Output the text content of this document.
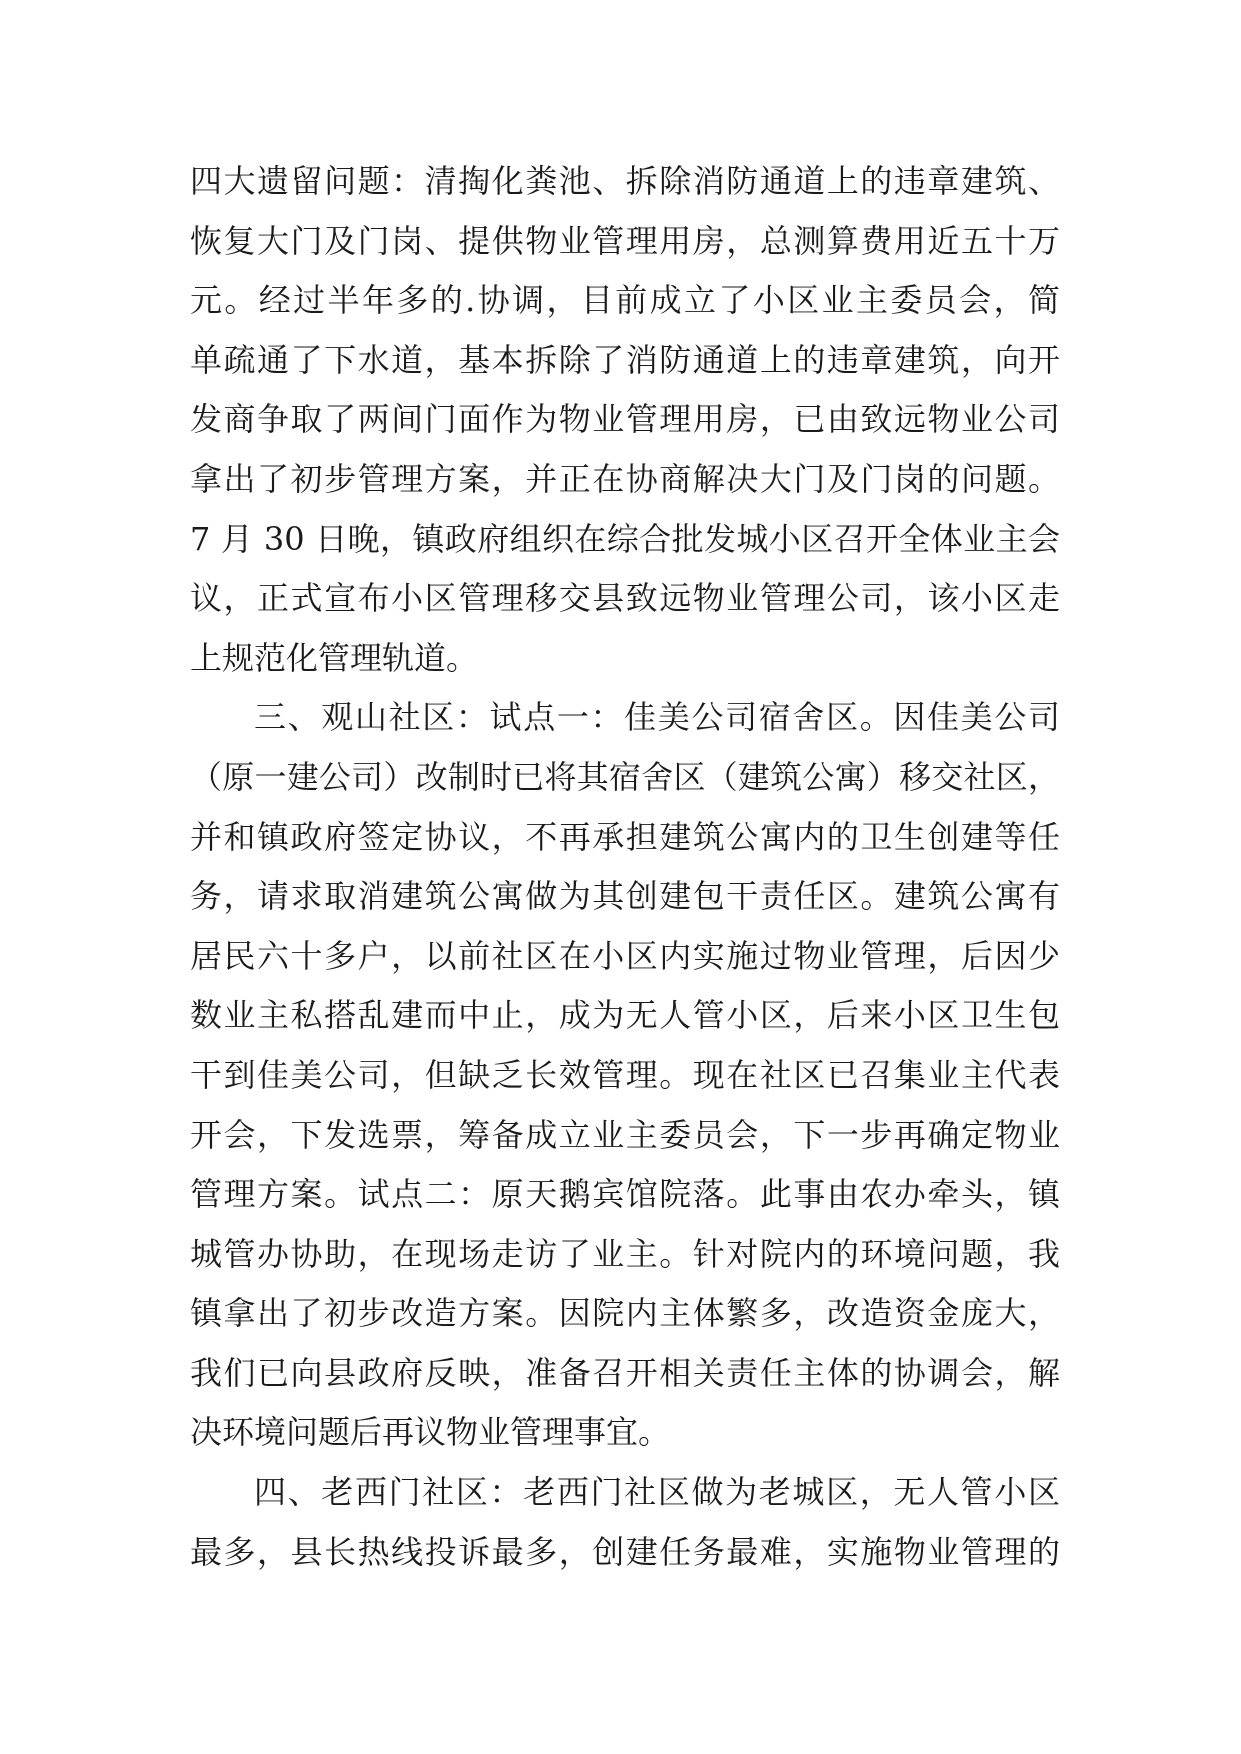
四大遗留问题：清掏化粪池、拆除消防通道上的违章建筑、
恢复大门及门岗、提供物业管理用房，总测算费用近五十万
元。经过半年多的.协调，目前成立了小区业主委员会，简
单疏通了下水道，基本拆除了消防通道上的违章建筑，向开
发商争取了两间门面作为物业管理用房，已由致远物业公司
拿出了初步管理方案，并正在协商解决大门及门岗的问题。
7 月 30 日晚，镇政府组织在综合批发城小区召开全体业主会
议，正式宣布小区管理移交县致远物业管理公司，该小区走
上规范化管理轨道。
三、观山社区：试点一：佳美公司宿舍区。因佳美公司
（原一建公司）改制时已将其宿舍区（建筑公寓）移交社区，
并和镇政府签定协议，不再承担建筑公寓内的卫生创建等任
务，请求取消建筑公寓做为其创建包干责任区。建筑公寓有
居民六十多户，以前社区在小区内实施过物业管理，后因少
数业主私搭乱建而中止，成为无人管小区，后来小区卫生包
干到佳美公司，但缺乏长效管理。现在社区已召集业主代表
开会，下发选票，筹备成立业主委员会，下一步再确定物业
管理方案。试点二：原天鹅宾馆院落。此事由农办牵头，镇
城管办协助，在现场走访了业主。针对院内的环境问题，我
镇拿出了初步改造方案。因院内主体繁多，改造资金庞大，
我们已向县政府反映，准备召开相关责任主体的协调会，解
决环境问题后再议物业管理事宜。
四、老西门社区：老西门社区做为老城区，无人管小区
最多，县长热线投诉最多，创建任务最难，实施物业管理的
